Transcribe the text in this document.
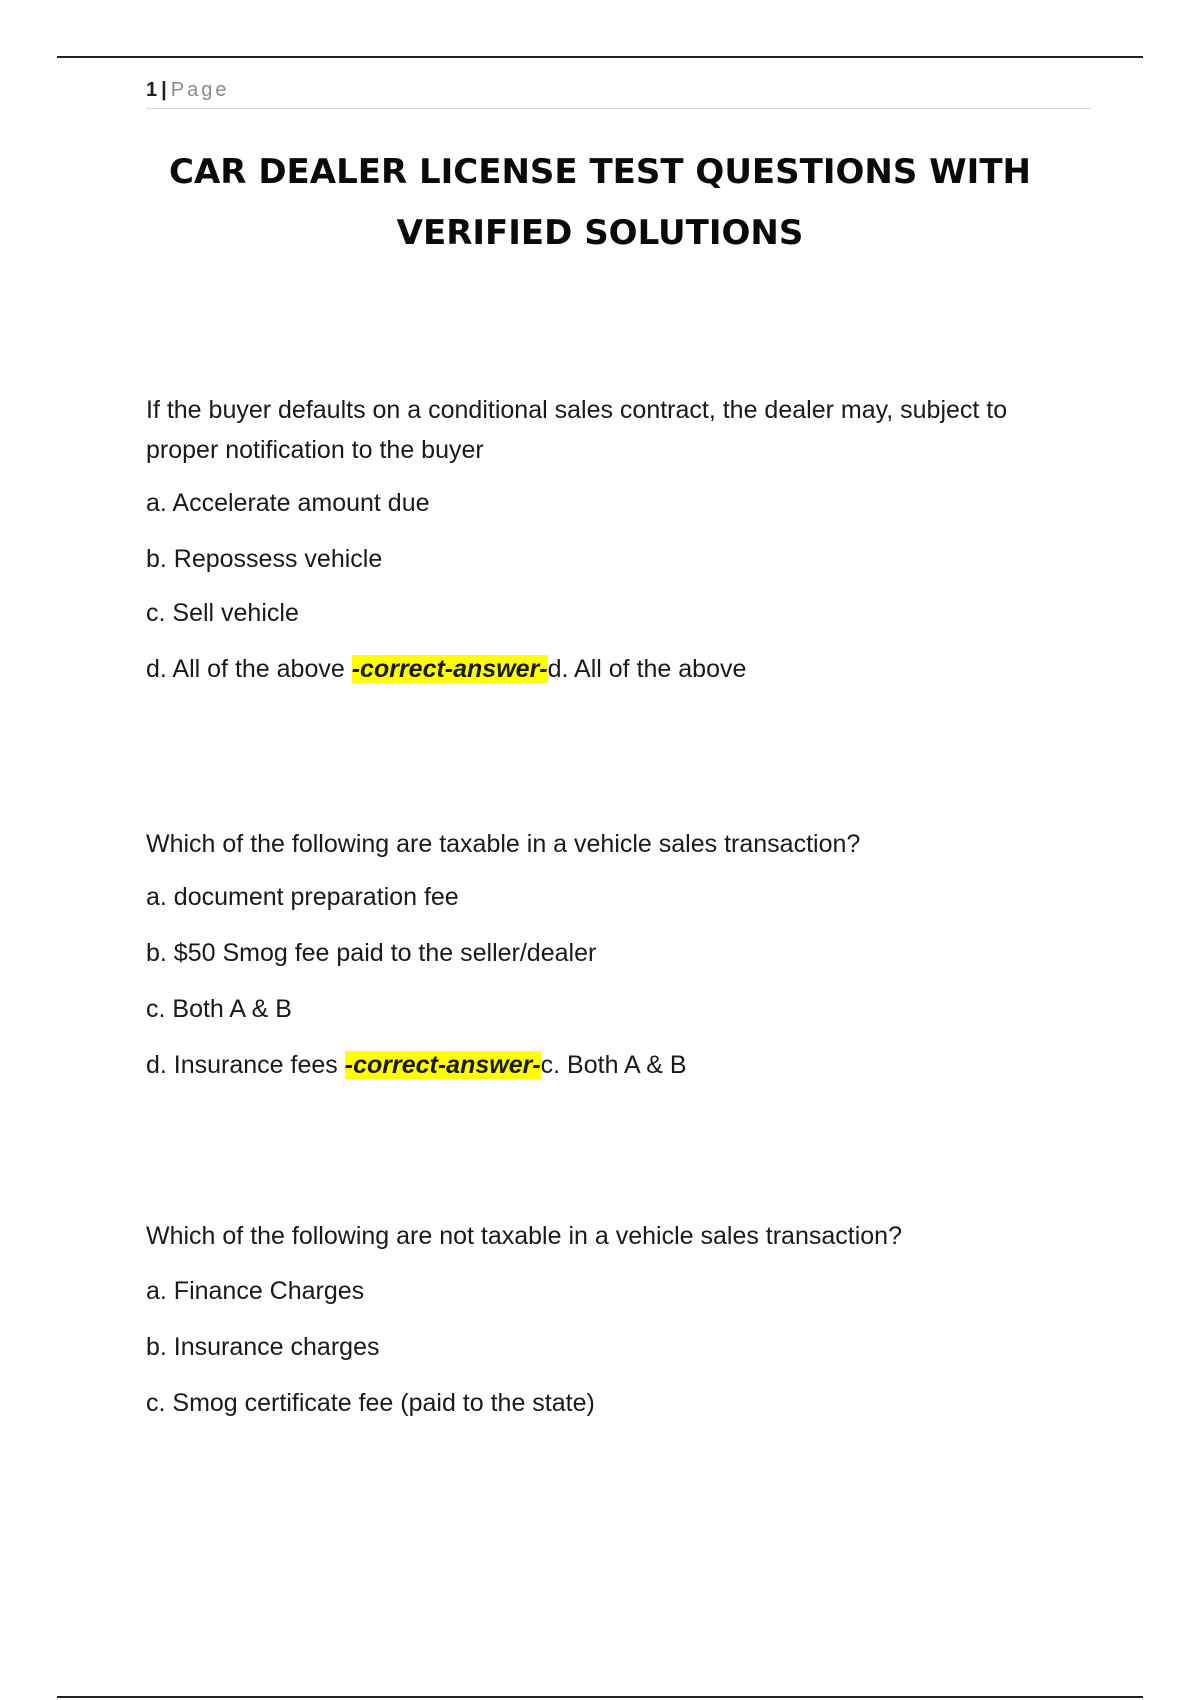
1 | Page
CAR DEALER LICENSE TEST QUESTIONS WITH
VERIFIED SOLUTIONS

If the buyer defaults on a conditional sales contract, the dealer may, subject to proper notification to the buyer

a. Accelerate amount due

b. Repossess vehicle

c. Sell vehicle

d. All of the above -correct-answer-d. All of the above

Which of the following are taxable in a vehicle sales transaction?

a. document preparation fee

b. $50 Smog fee paid to the seller/dealer

c. Both A & B

d. Insurance fees -correct-answer-c. Both A & B

Which of the following are not taxable in a vehicle sales transaction?

a. Finance Charges

b. Insurance charges

c. Smog certificate fee (paid to the state)
